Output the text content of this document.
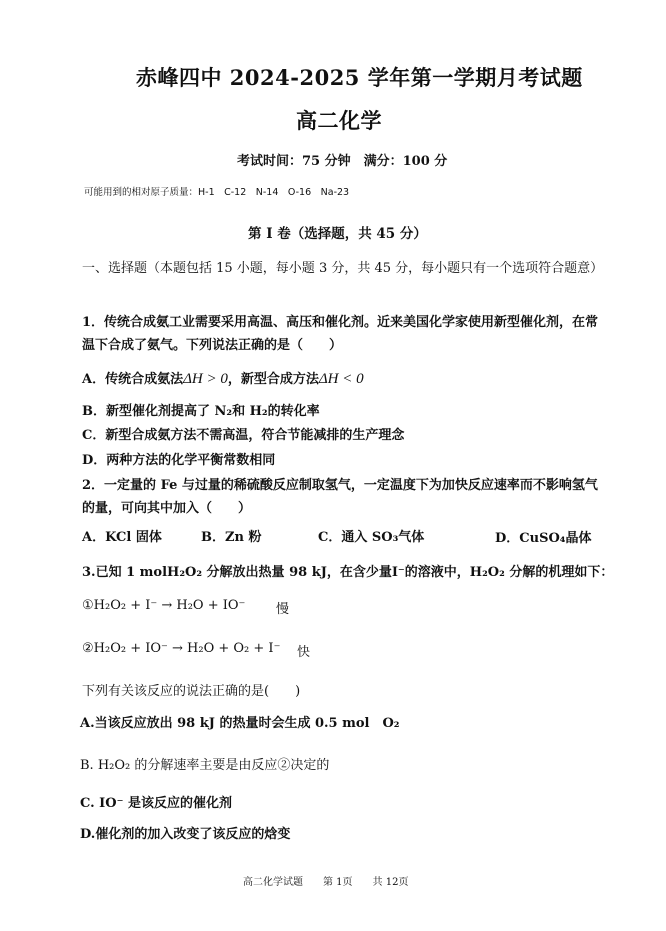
赤峰四中 2024-2025 学年第一学期月考试题
高二化学
考试时间：75 分钟　满分：100 分
可能用到的相对原子质量：H-1　C-12　N-14　O-16　Na-23
第 I 卷（选择题，共 45 分）
一、选择题（本题包括 15 小题，每小题 3 分，共 45 分，每小题只有一个选项符合题意）
1．传统合成氨工业需要采用高温、高压和催化剂。近来美国化学家使用新型催化剂，在常温下合成了氨气。下列说法正确的是（　　）
A．传统合成氨法ΔH > 0，新型合成方法ΔH < 0
B．新型催化剂提高了 N₂和 H₂的转化率
C．新型合成氨方法不需高温，符合节能减排的生产理念
D．两种方法的化学平衡常数相同
2．一定量的 Fe 与过量的稀硫酸反应制取氢气，一定温度下为加快反应速率而不影响氢气的量，可向其中加入（　　）
A．KCl 固体	B．Zn 粉	C．通入 SO₃气体	D．CuSO₄晶体
3.已知 1 molH₂O₂ 分解放出热量 98 kJ，在含少量I⁻的溶液中，H₂O₂ 分解的机理如下：
①H₂O₂ + I⁻ → H₂O + IO⁻ 慢
②H₂O₂ + IO⁻ → H₂O + O₂ + I⁻ 快
下列有关该反应的说法正确的是(　　)
A.当该反应放出 98 kJ 的热量时会生成 0.5 mol　O₂
B. H₂O₂ 的分解速率主要是由反应②决定的
C. IO⁻ 是该反应的催化剂
D.催化剂的加入改变了该反应的焓变
高二化学试题　　第 1页　　共 12页
